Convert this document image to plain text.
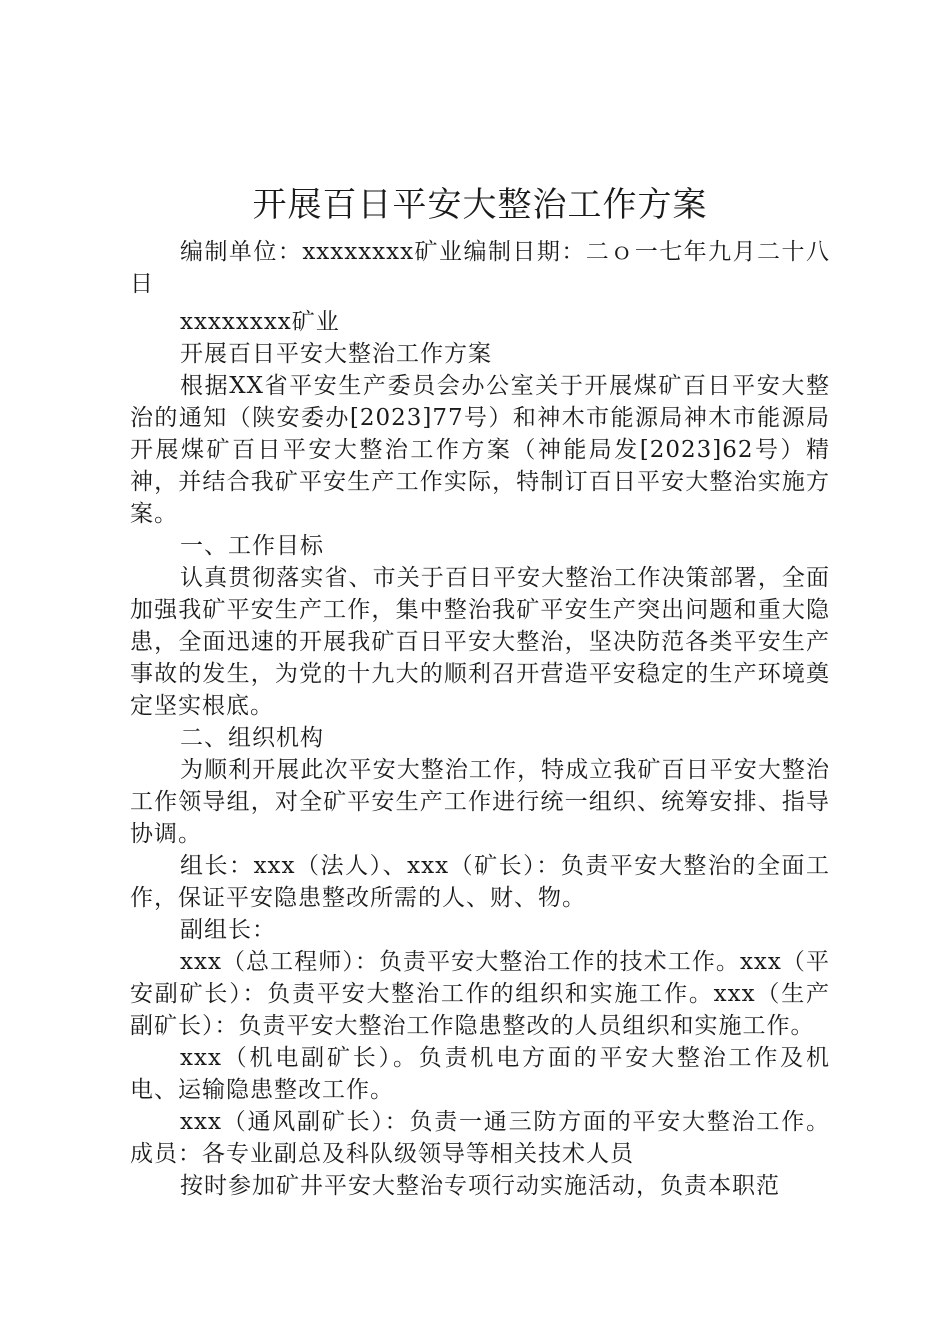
开展百日平安大整治工作方案

编制单位：xxxxxxxx矿业编制日期：二ｏ一七年九月二十八日

xxxxxxxx矿业

开展百日平安大整治工作方案

根据XX省平安生产委员会办公室关于开展煤矿百日平安大整治的通知（陕安委办[2023]77号）和神木市能源局神木市能源局开展煤矿百日平安大整治工作方案（神能局发[2023]62号）精神，并结合我矿平安生产工作实际，特制订百日平安大整治实施方案。

一、工作目标

认真贯彻落实省、市关于百日平安大整治工作决策部署，全面加强我矿平安生产工作，集中整治我矿平安生产突出问题和重大隐患，全面迅速的开展我矿百日平安大整治，坚决防范各类平安生产事故的发生，为党的十九大的顺利召开营造平安稳定的生产环境奠定坚实根底。

二、组织机构

为顺利开展此次平安大整治工作，特成立我矿百日平安大整治工作领导组，对全矿平安生产工作进行统一组织、统筹安排、指导协调。

组长：xxx（法人）、xxx（矿长）：负责平安大整治的全面工作，保证平安隐患整改所需的人、财、物。

副组长：

xxx（总工程师）：负责平安大整治工作的技术工作。xxx（平安副矿长）：负责平安大整治工作的组织和实施工作。xxx（生产副矿长）：负责平安大整治工作隐患整改的人员组织和实施工作。

xxx（机电副矿长）。负责机电方面的平安大整治工作及机电、运输隐患整改工作。

xxx（通风副矿长）：负责一通三防方面的平安大整治工作。成员：各专业副总及科队级领导等相关技术人员

按时参加矿井平安大整治专项行动实施活动，负责本职范
